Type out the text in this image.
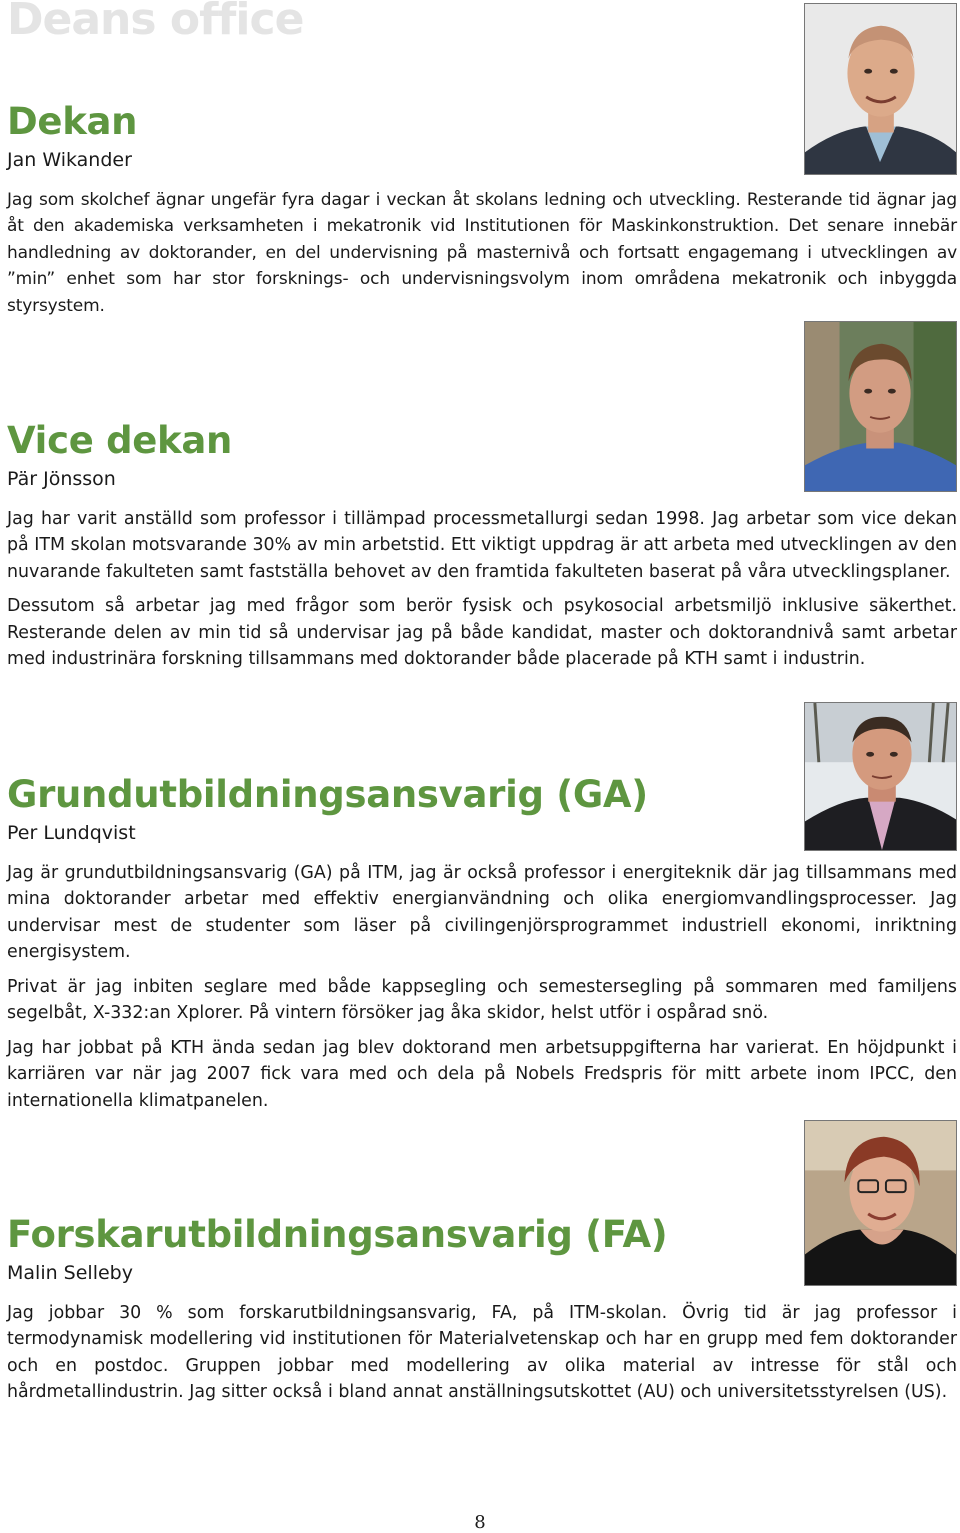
Deans office
Dekan
Jan Wikander

Jag som skolchef ägnar ungefär fyra dagar i veckan åt skolans ledning och utveckling. Resterande tid ägnar jag åt den akademiska verksamheten i mekatronik vid Institutionen för Maskinkonstruktion. Det senare innebär handledning av doktorander, en del undervisning på masternivå och fortsatt engagemang i utvecklingen av ”min” enhet som har stor forsknings- och undervisningsvolym inom områdena mekatronik och inbyggda styrsystem.

Vice dekan
Pär Jönsson

Jag har varit anställd som professor i tillämpad processmetallurgi sedan 1998. Jag arbetar som vice dekan på ITM skolan motsvarande 30% av min arbetstid. Ett viktigt uppdrag är att arbeta med utvecklingen av den nuvarande fakulteten samt fastställa behovet av den framtida fakulteten baserat på våra utvecklingsplaner.

Dessutom så arbetar jag med frågor som berör fysisk och psykosocial arbetsmiljö inklusive säkerthet. Resterande delen av min tid så undervisar jag på både kandidat, master och doktorandnivå samt arbetar med industrinära forskning tillsammans med doktorander både placerade på KTH samt i industrin.

Grundutbildningsansvarig (GA)
Per Lundqvist

Jag är grundutbildningsansvarig (GA) på ITM, jag är också professor i energiteknik där jag tillsammans med mina doktorander arbetar med effektiv energianvändning och olika energiomvandlingsprocesser. Jag undervisar mest de studenter som läser på civilingenjörsprogrammet industriell ekonomi, inriktning energisystem.

Privat är jag inbiten seglare med både kappsegling och semestersegling på sommaren med familjens segelbåt, X-332:an Xplorer. På vintern försöker jag åka skidor, helst utför i ospårad snö.

Jag har jobbat på KTH ända sedan jag blev doktorand men arbetsuppgifterna har varierat. En höjdpunkt i karriären var när jag 2007 fick vara med och dela på Nobels Fredspris för mitt arbete inom IPCC, den internationella klimatpanelen.

Forskarutbildningsansvarig (FA)
Malin Selleby

Jag jobbar 30 % som forskarutbildningsansvarig, FA, på ITM-skolan. Övrig tid är jag professor i termodynamisk modellering vid institutionen för Materialvetenskap och har en grupp med fem doktorander och en postdoc. Gruppen jobbar med modellering av olika material av intresse för stål och hårdmetallindustrin. Jag sitter också i bland annat anställningsutskottet (AU) och universitetsstyrelsen (US).

8
